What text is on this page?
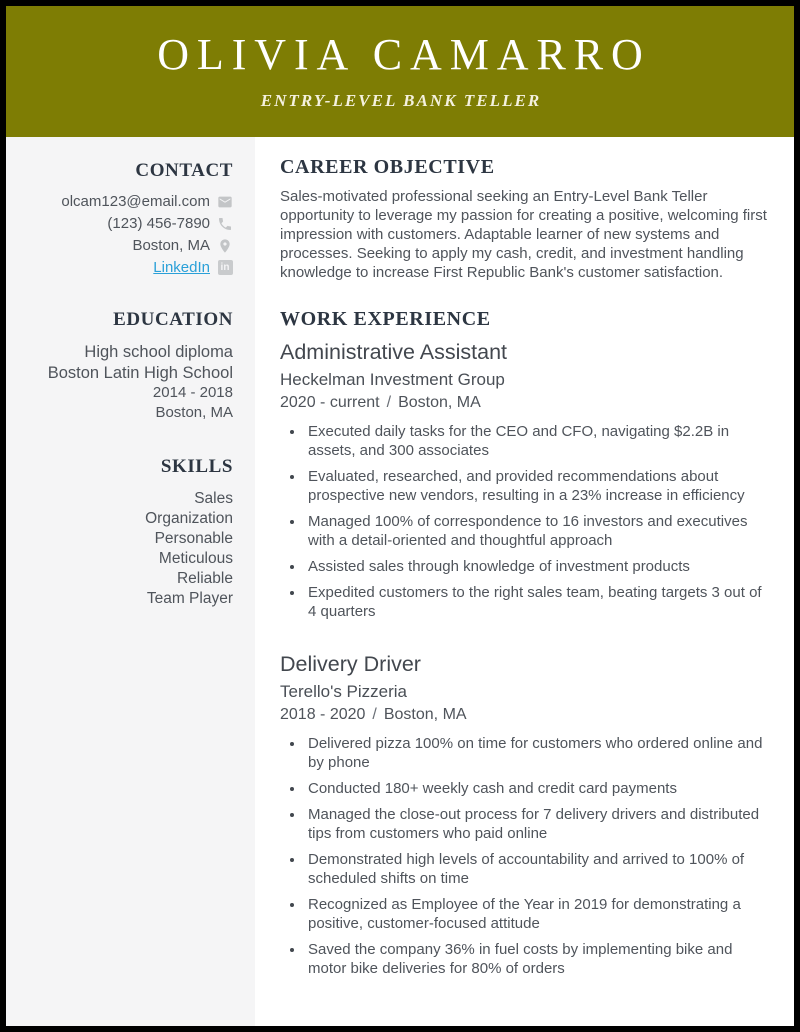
OLIVIA CAMARRO
ENTRY-LEVEL BANK TELLER
CONTACT
olcam123@email.com
(123) 456-7890
Boston, MA
LinkedIn
in
EDUCATION
High school diploma
Boston Latin High School
2014 - 2018
Boston, MA
SKILLS
Sales
Organization
Personable
Meticulous
Reliable
Team Player
CAREER OBJECTIVE

Sales-motivated professional seeking an Entry-Level Bank Teller opportunity to leverage my passion for creating a positive, welcoming first impression with customers. Adaptable learner of new systems and processes. Seeking to apply my cash, credit, and investment handling knowledge to increase First Republic Bank's customer satisfaction.

WORK EXPERIENCE
Administrative Assistant
Heckelman Investment Group
2020 - current / Boston, MA
• Executed daily tasks for the CEO and CFO, navigating $2.2B in assets, and 300 associates
• Evaluated, researched, and provided recommendations about prospective new vendors, resulting in a 23% increase in efficiency
• Managed 100% of correspondence to 16 investors and executives with a detail-oriented and thoughtful approach
• Assisted sales through knowledge of investment products
• Expedited customers to the right sales team, beating targets 3 out of 4 quarters
Delivery Driver
Terello's Pizzeria
2018 - 2020 / Boston, MA
• Delivered pizza 100% on time for customers who ordered online and by phone
• Conducted 180+ weekly cash and credit card payments
• Managed the close-out process for 7 delivery drivers and distributed tips from customers who paid online
• Demonstrated high levels of accountability and arrived to 100% of scheduled shifts on time
• Recognized as Employee of the Year in 2019 for demonstrating a positive, customer-focused attitude
• Saved the company 36% in fuel costs by implementing bike and motor bike deliveries for 80% of orders
